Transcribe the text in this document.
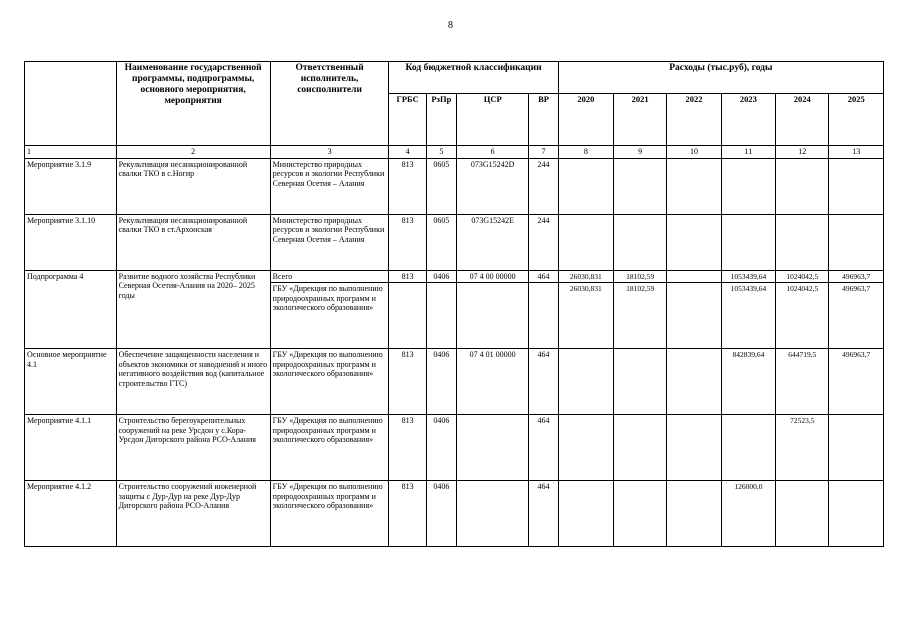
8
	Наименование государственной программы, подпрограммы, основного мероприятия, мероприятия	Ответственный исполнитель, соисполнители	Код бюджетной классификации				Расходы (тыс.руб), годы					
			ГРБС	РзПр	ЦСР	ВР	2020	2021	2022	2023	2024	2025
1	2	3	4	5	6	7	8	9	10	11	12	13
Мероприятие 3.1.9	Рекультивация несанкционированной свалки ТКО в с.Ногир	Министерство природных ресурсов и экологии Республики Северная Осетия – Алания	813	0605	073G15242D	244						
Мероприятие 3.1.10	Рекультивация несанкционированной свалки ТКО в ст.Архонская	Министерство природных ресурсов и экологии Республики Северная Осетия – Алания	813	0605	073G15242E	244						
Подпрограмма 4	Развитие водного хозяйства Республики Северная Осетия-Алания на 2020– 2025 годы	Всего	813	0406	07 4 00 00000	464	26030,831	18102,59		1053439,64	1024042,5	496963,7
		ГБУ «Дирекция по выполнению природоохранных программ и экологического образования»					26030,831	18102,59		1053439,64	1024042,5	496963,7
Основное мероприятие 4.1	Обеспечение защищенности населения и объектов экономики от наводнений и иного негативного воздействия вод (капитальное строительство ГТС)	ГБУ «Дирекция по выполнению природоохранных программ и экологического образования»	813	0406	07 4 01 00000	464				842839,64	644719,5	496963,7
Мероприятие 4.1.1	Строительство берегоукрепительных сооружений на реке Урсдон у с.Кора-Урсдон Дигорского района РСО-Алания	ГБУ «Дирекция по выполнению природоохранных программ и экологического образования»	813	0406		464					72523,5	
Мероприятие 4.1.2	Строительство сооружений инженерной защиты с Дур-Дур на реке Дур-Дур Дигорского района РСО-Алания	ГБУ «Дирекция по выполнению природоохранных программ и экологического образования»	813	0406		464				126000,0		
